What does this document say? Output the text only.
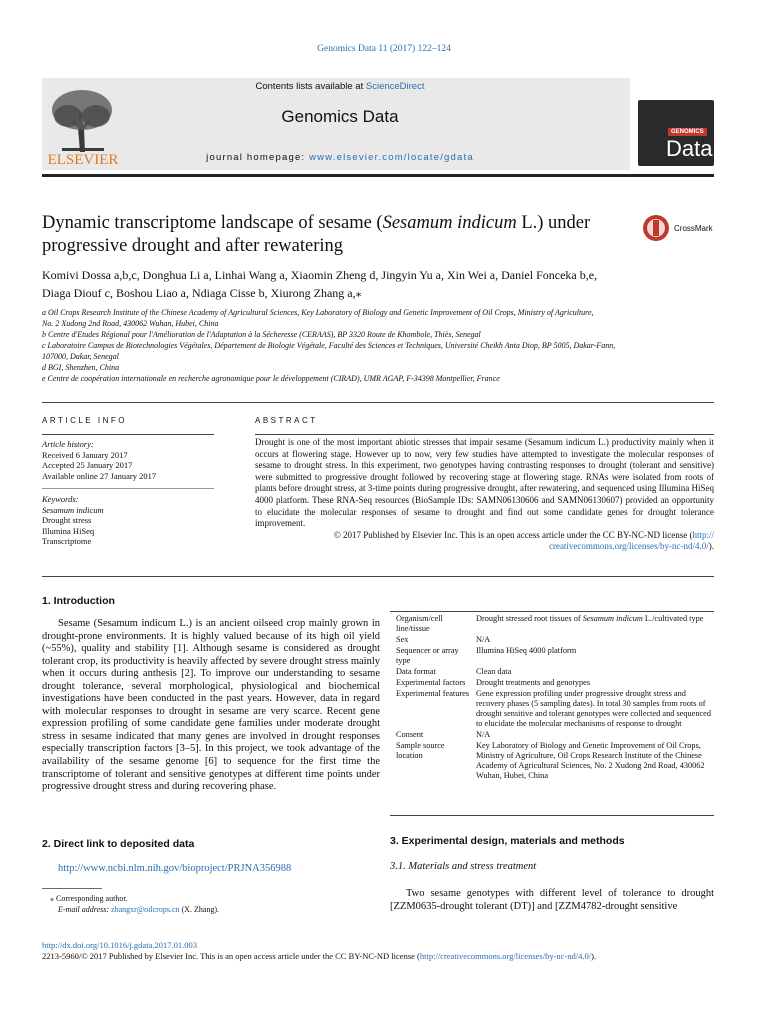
Genomics Data 11 (2017) 122–124
ELSEVIER
Contents lists available at ScienceDirect
Genomics Data
journal homepage: www.elsevier.com/locate/gdata
GENOMICS
Data
Dynamic transcriptome landscape of sesame (Sesamum indicum L.) under progressive drought and after rewatering
CrossMark
Komivi Dossa a,b,c, Donghua Li a, Linhai Wang a, Xiaomin Zheng d, Jingyin Yu a, Xin Wei a, Daniel Fonceka b,e,
Diaga Diouf c, Boshou Liao a, Ndiaga Cisse b, Xiurong Zhang a,⁎
a Oil Crops Research Institute of the Chinese Academy of Agricultural Sciences, Key Laboratory of Biology and Genetic Improvement of Oil Crops, Ministry of Agriculture,
No. 2 Xudong 2nd Road, 430062 Wuhan, Hubei, China
b Centre d'Etudes Régional pour l'Amélioration de l'Adaptation à la Sécheresse (CERAAS), BP 3320 Route de Khombole, Thiès, Senegal
c Laboratoire Campus de Biotechnologies Végétales, Département de Biologie Végétale, Faculté des Sciences et Techniques, Université Cheikh Anta Diop, BP 5005, Dakar-Fann,
107000, Dakar, Senegal
d BGI, Shenzhen, China
e Centre de coopération internationale en recherche agronomique pour le développement (CIRAD), UMR AGAP, F-34398 Montpellier, France
ARTICLE INFO
Article history:
Received 6 January 2017
Accepted 25 January 2017
Available online 27 January 2017
Keywords:
Sesamum indicum
Drought stress
Illumina HiSeq
Transcriptome
ABSTRACT
Drought is one of the most important abiotic stresses that impair sesame (Sesamum indicum L.) productivity mainly when it occurs at flowering stage. However up to now, very few studies have attempted to investigate the molecular responses of sesame to drought stress. In this experiment, two genotypes having contrasting responses to drought (tolerant and sensitive) were submitted to progressive drought followed by recovering stage at flowering stage. RNAs were isolated from roots of plants before drought stress, at 3-time points during progressive drought, after rewatering, and sequenced using Illumina HiSeq 4000 platform. These RNA-Seq resources (BioSample IDs: SAMN06130606 and SAMN06130607) provided an opportunity to elucidate the molecular responses of sesame to drought and find out some candidate genes for drought tolerance improvement.
© 2017 Published by Elsevier Inc. This is an open access article under the CC BY-NC-ND license (http://
creativecommons.org/licenses/by-nc-nd/4.0/).
1. Introduction

Sesame (Sesamum indicum L.) is an ancient oilseed crop mainly grown in drought-prone environments. It is highly valued because of its high oil yield (~55%), quality and stability [1]. Although sesame is considered as drought tolerant crop, its productivity is heavily affected by severe drought stress mainly when it occurs during anthesis [2]. To improve our understanding to sesame drought tolerance, several morphological, physiological and biochemical investigations have been conducted in the past years. However, data in regard with molecular responses to drought in sesame are very scarce. Recent gene expression profiling of some candidate gene families under moderate drought stress in sesame indicated that many genes are involved in drought responses especially transcription factors [3–5]. In this project, we took advantage of the availability of the sesame genome [6] to sequence for the first time the transcriptome of tolerant and sensitive genotypes at different time points under progressive drought stress and during recovering phase.

2. Direct link to deposited data
http://www.ncbi.nlm.nih.gov/bioproject/PRJNA356988
⁎ Corresponding author.
E-mail address: zhangxr@oilcrops.cn (X. Zhang).
Organism/cell line/tissue	Drought stressed root tissues of Sesamum indicum L./cultivated type
Sex	N/A
Sequencer or array type	Illumina HiSeq 4000 platform
Data format	Clean data
Experimental factors	Drought treatments and genotypes
Experimental features	Gene expression profiling under progressive drought stress and recovery phases (5 sampling dates). In total 30 samples from roots of drought sensitive and tolerant genotypes were collected and sequenced to elucidate the molecular mechanisms of response to drought
Consent	N/A
Sample source location	Key Laboratory of Biology and Genetic Improvement of Oil Crops, Ministry of Agriculture, Oil Crops Research Institute of the Chinese Academy of Agricultural Sciences, No. 2 Xudong 2nd Road, 430062 Wuhan, Hubei, China
3. Experimental design, materials and methods
3.1. Materials and stress treatment
Two sesame genotypes with different level of tolerance to drought [ZZM0635-drought tolerant (DT)] and [ZZM4782-drought sensitive
http://dx.doi.org/10.1016/j.gdata.2017.01.003
2213-5960/© 2017 Published by Elsevier Inc. This is an open access article under the CC BY-NC-ND license (http://creativecommons.org/licenses/by-nc-nd/4.0/).
